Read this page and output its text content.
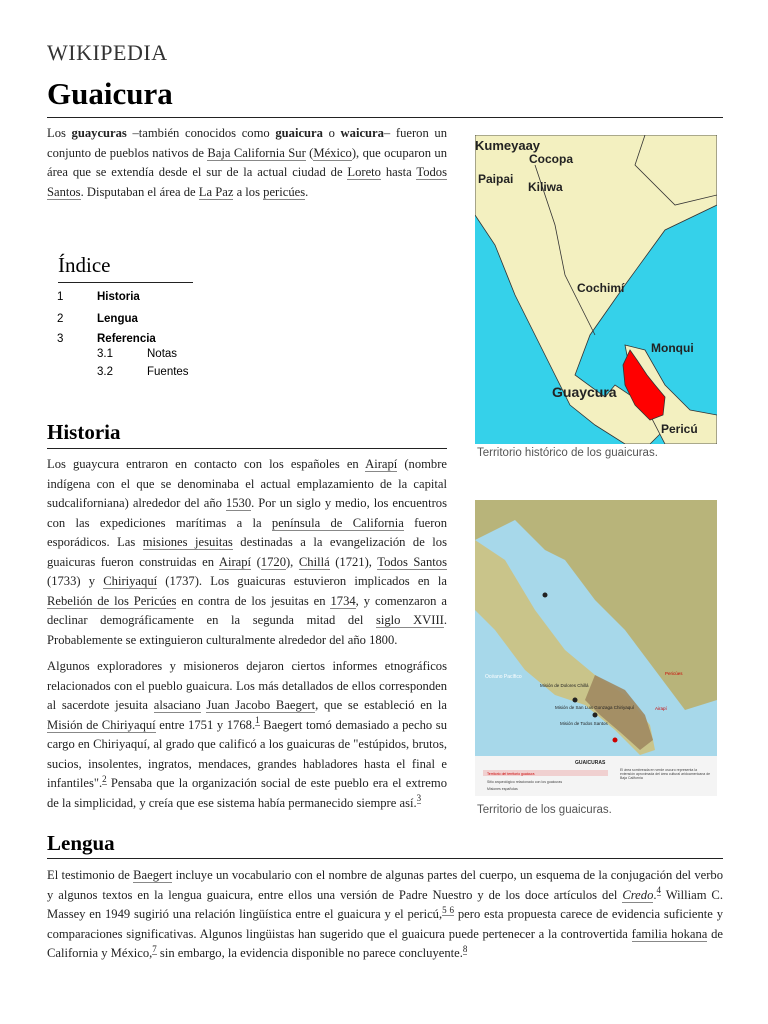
WIKIPEDIA
Guaicura
Los guaycuras –también conocidos como guaicura o waicura– fueron un conjunto de pueblos nativos de Baja California Sur (México), que ocuparon un área que se extendía desde el sur de la actual ciudad de Loreto hasta Todos Santos. Disputaban el área de La Paz a los pericúes.
Índice
1	Historia
2	Lengua
3	Referencia
3.1	Notas
3.2	Fuentes
Historia
Los guaycura entraron en contacto con los españoles en Airapí (nombre indígena con el que se denominaba el actual emplazamiento de la capital sudcaliforniana) alrededor del año 1530. Por un siglo y medio, los encuentros con las expediciones marítimas a la península de California fueron esporádicos. Las misiones jesuitas destinadas a la evangelización de los guaicuras fueron construidas en Airapí (1720), Chillá (1721), Todos Santos (1733) y Chiriyaquí (1737). Los guaicuras estuvieron implicados en la Rebelión de los Pericúes en contra de los jesuitas en 1734, y comenzaron a declinar demográficamente en la segunda mitad del siglo XVIII. Probablemente se extinguieron culturalmente alrededor del año 1800.
Algunos exploradores y misioneros dejaron ciertos informes etnográficos relacionados con el pueblo guaicura. Los más detallados de ellos corresponden al sacerdote jesuita alsaciano Juan Jacobo Baegert, que se estableció en la Misión de Chiriyaquí entre 1751 y 1768.$^1$ Baegert tomó demasiado a pecho su cargo en Chiriyaquí, al grado que calificó a los guaicuras de "estúpidos, brutos, sucios, insolentes, ingratos, mendaces, grandes habladores hasta el final e infantiles".$^2$ Pensaba que la organización social de este pueblo era el extremo de la simplicidad, y creía que ese sistema había permanecido siempre así.$^3$
Lengua
El testimonio de Baegert incluye un vocabulario con el nombre de algunas partes del cuerpo, un esquema de la conjugación del verbo y algunos textos en la lengua guaicura, entre ellos una versión de Padre Nuestro y de los doce artículos del Credo.$^4$ William C. Massey en 1949 sugirió una relación lingüística entre el guaicura y el pericú,$^{5 6}$ pero esta propuesta carece de evidencia suficiente y comparaciones significativas. Algunos lingüistas han sugerido que el guaicura puede pertenecer a la controvertida familia hokana de California y México,$^7$ sin embargo, la evidencia disponible no parece concluyente.$^8$
Kumeyaay
Cocopa
Paipai
Kiliwa
Cochimí
Monqui
Guaycura
Pericú
Territorio histórico de los guaicuras.
Océano Pacífico
Misión de Dolores Chillá
Misión de San Luis Gonzaga Chiriyaquí
Pericúes
Airapí
Misión de Todos Santos
GUAICURAS
Territorio del territorio guaicura
Sitio arqueológico relacionado con los guaicuras
Misiones españolas
El área sombreada en verde oscuro representa la extensión aproximada del área cultural aridoamericana de Baja California
Territorio de los guaicuras.
